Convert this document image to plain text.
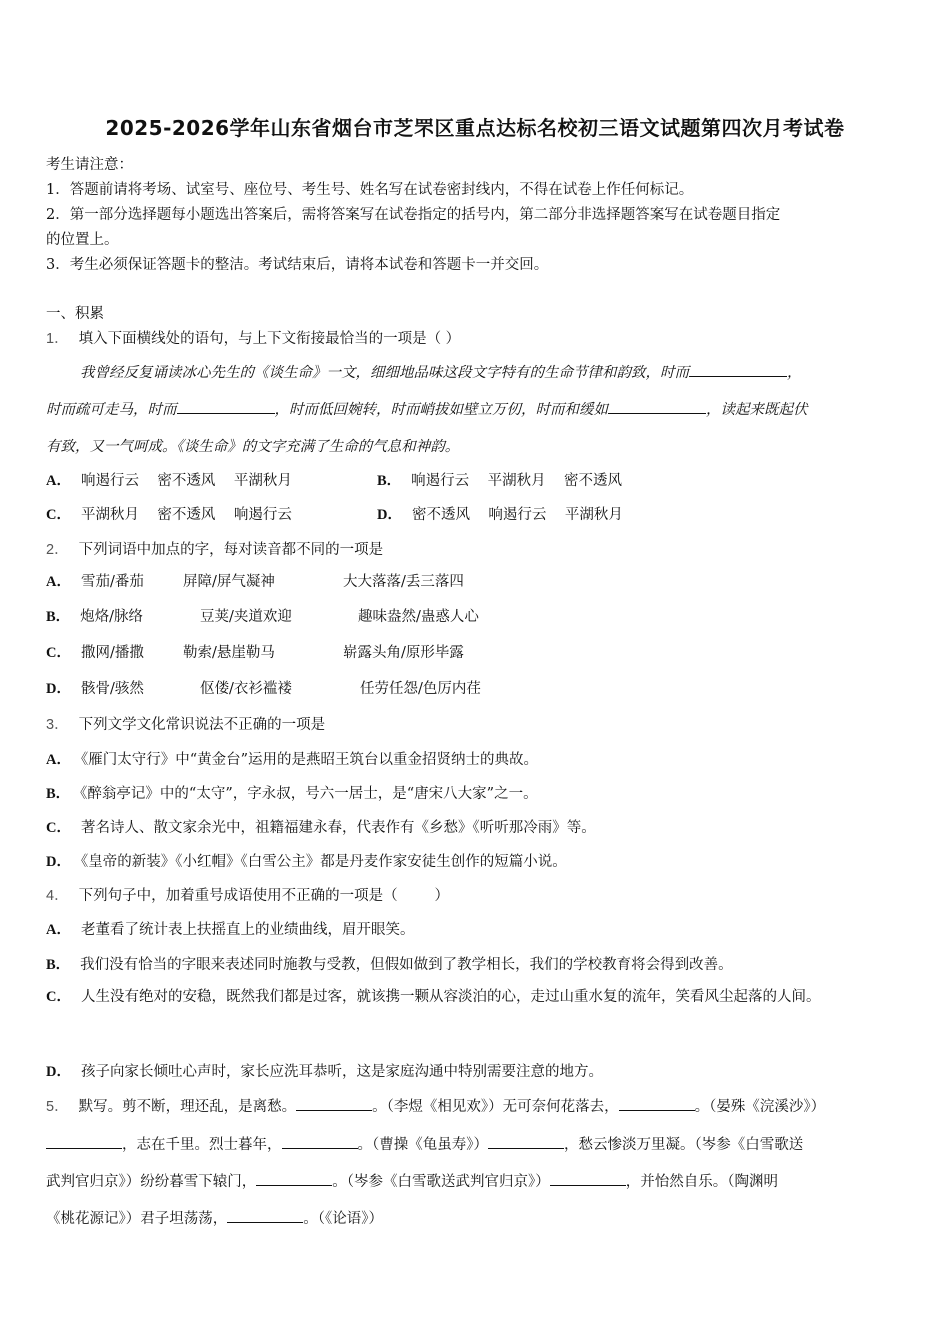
2025-2026学年山东省烟台市芝罘区重点达标名校初三语文试题第四次月考试卷
考生请注意：
1．答题前请将考场、试室号、座位号、考生号、姓名写在试卷密封线内，不得在试卷上作任何标记。
2．第一部分选择题每小题选出答案后，需将答案写在试卷指定的括号内，第二部分非选择题答案写在试卷题目指定
的位置上。
3．考生必须保证答题卡的整洁。考试结束后，请将本试卷和答题卡一并交回。
一、积累
1． 填入下面横线处的语句，与上下文衔接最恰当的一项是（ ）
我曾经反复诵读冰心先生的《谈生命》一文，细细地品味这段文字特有的生命节律和韵致，时而	，
时而疏可走马，时而	，时而低回婉转，时而峭拔如壁立万仞，时而和缓如	，读起来既起伏
有致，又一气呵成。《谈生命》的文字充满了生命的气息和神韵。
A． 响遏行云    密不透风    平湖秋月	B． 响遏行云    平湖秋月    密不透风
C． 平湖秋月    密不透风    响遏行云	D． 密不透风    响遏行云    平湖秋月
2． 下列词语中加点的字，每对读音都不同的一项是
A． 雪茄/番茄	屏障/屏气凝神	大大落落/丢三落四
B． 炮烙/脉络	豆荚/夹道欢迎	趣味盎然/蛊惑人心
C． 撒网/播撒	勒索/悬崖勒马	崭露头角/原形毕露
D． 骸骨/骇然	伛偻/衣衫褴褛	任劳任怨/色厉内荏
3． 下列文学文化常识说法不正确的一项是
A． 《雁门太守行》中“黄金台”运用的是燕昭王筑台以重金招贤纳士的典故。
B． 《醉翁亭记》中的“太守”，字永叔，号六一居士，是“唐宋八大家”之一。
C． 著名诗人、散文家余光中，祖籍福建永春，代表作有《乡愁》《听听那冷雨》等。
D． 《皇帝的新装》《小红帽》《白雪公主》都是丹麦作家安徒生创作的短篇小说。
4． 下列句子中，加着重号成语使用不正确的一项是（        ）
A． 老董看了统计表上扶摇直上的业绩曲线，眉开眼笑。
B． 我们没有恰当的字眼来表述同时施教与受教，但假如做到了教学相长，我们的学校教育将会得到改善。
C． 人生没有绝对的安稳，既然我们都是过客，就该携一颗从容淡泊的心，走过山重水复的流年，笑看风尘起落的人间。
D． 孩子向家长倾吐心声时，家长应洗耳恭听，这是家庭沟通中特别需要注意的地方。
5． 默写。剪不断，理还乱，是离愁。	。（李煜《相见欢》）无可奈何花落去，	。（晏殊《浣溪沙》）
，志在千里。烈士暮年，	。（曹操《龟虽寿》）	，愁云惨淡万里凝。（岑参《白雪歌送
武判官归京》）纷纷暮雪下辕门，	。（岑参《白雪歌送武判官归京》）	，并怡然自乐。（陶渊明
《桃花源记》）君子坦荡荡，	。（《论语》）
